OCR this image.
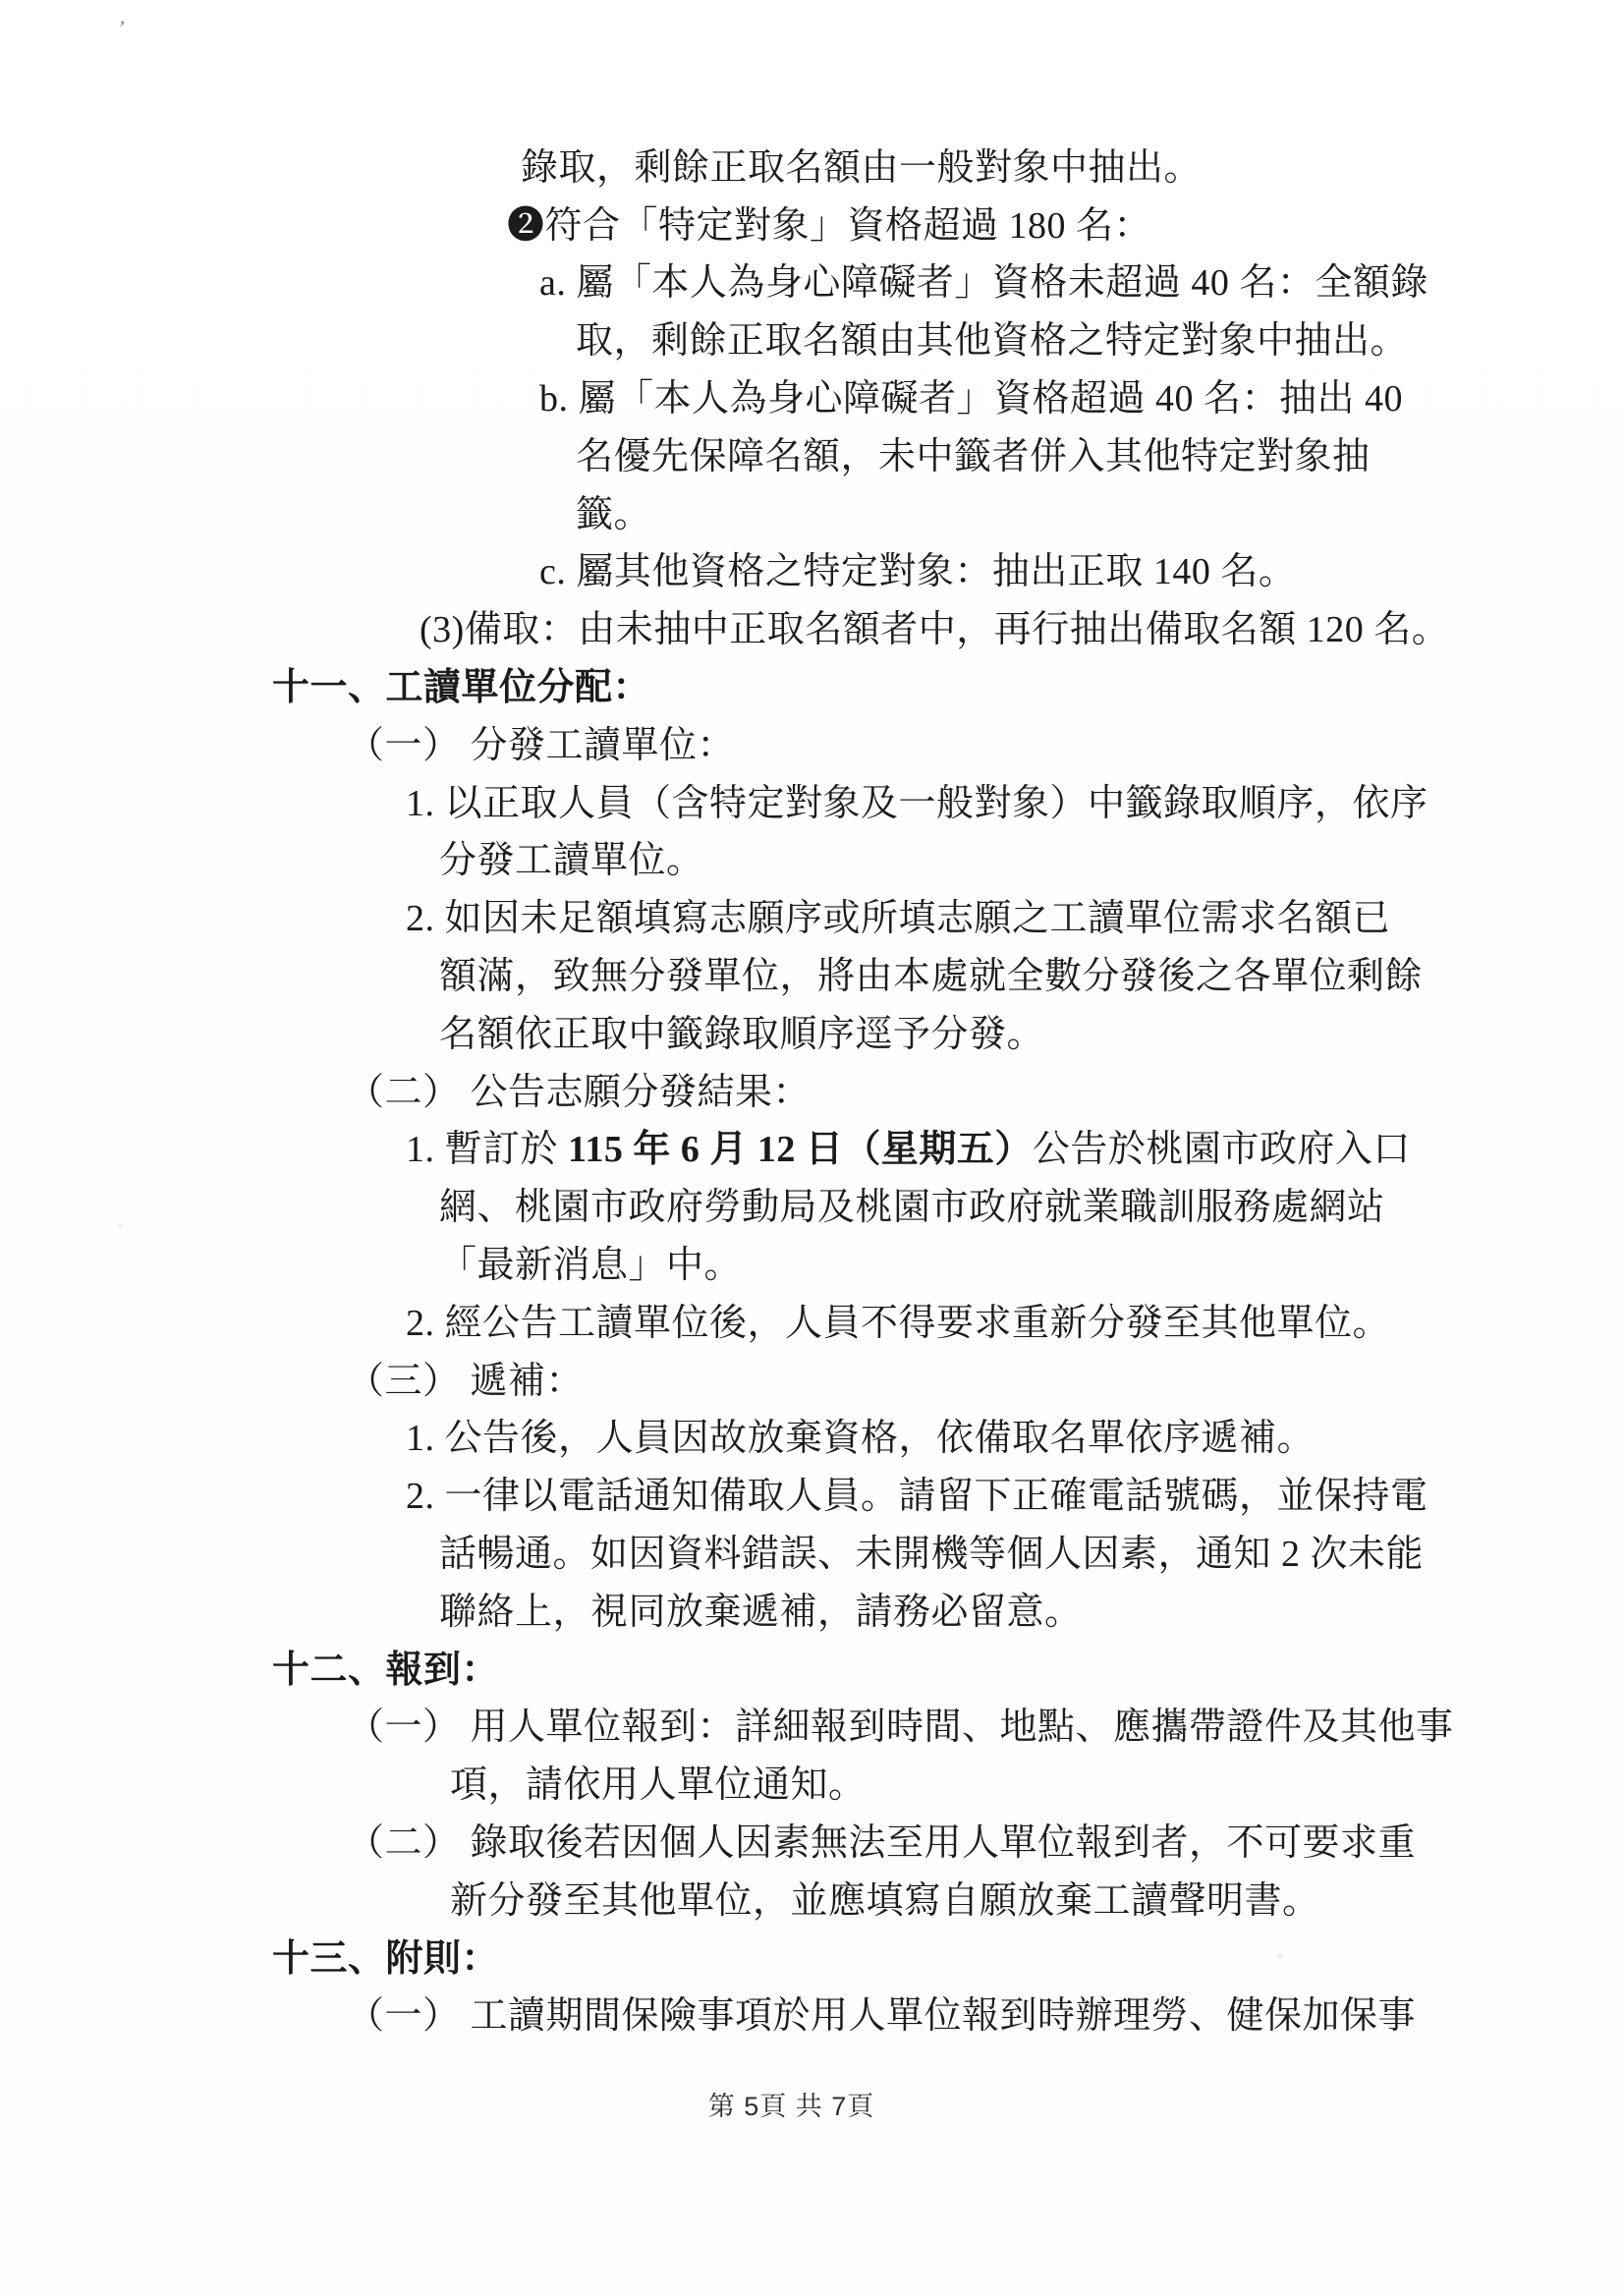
’
錄取，剩餘正取名額由一般對象中抽出。
❷符合「特定對象」資格超過 180 名：
a. 屬「本人為身心障礙者」資格未超過 40 名：全額錄
取，剩餘正取名額由其他資格之特定對象中抽出。
b. 屬「本人為身心障礙者」資格超過 40 名：抽出 40
名優先保障名額，未中籤者併入其他特定對象抽
籤。
c. 屬其他資格之特定對象：抽出正取 140 名。
(3)備取：由未抽中正取名額者中，再行抽出備取名額 120 名。
十一、工讀單位分配：
（一） 分發工讀單位：
1. 以正取人員（含特定對象及一般對象）中籤錄取順序，依序
分發工讀單位。
2. 如因未足額填寫志願序或所填志願之工讀單位需求名額已
額滿，致無分發單位，將由本處就全數分發後之各單位剩餘
名額依正取中籤錄取順序逕予分發。
（二） 公告志願分發結果：
1. 暫訂於 115 年 6 月 12 日（星期五） 公告於桃園市政府入口
網、桃園市政府勞動局及桃園市政府就業職訓服務處網站
「最新消息」中。
2. 經公告工讀單位後，人員不得要求重新分發至其他單位。
（三） 遞補：
1. 公告後，人員因故放棄資格，依備取名單依序遞補。
2. 一律以電話通知備取人員。請留下正確電話號碼，並保持電
話暢通。如因資料錯誤、未開機等個人因素，通知 2 次未能
聯絡上，視同放棄遞補，請務必留意。
十二、報到：
（一） 用人單位報到：詳細報到時間、地點、應攜帶證件及其他事
項，請依用人單位通知。
（二） 錄取後若因個人因素無法至用人單位報到者，不可要求重
新分發至其他單位，並應填寫自願放棄工讀聲明書。
十三、附則：
（一） 工讀期間保險事項於用人單位報到時辦理勞、健保加保事
第 5頁 共 7頁
